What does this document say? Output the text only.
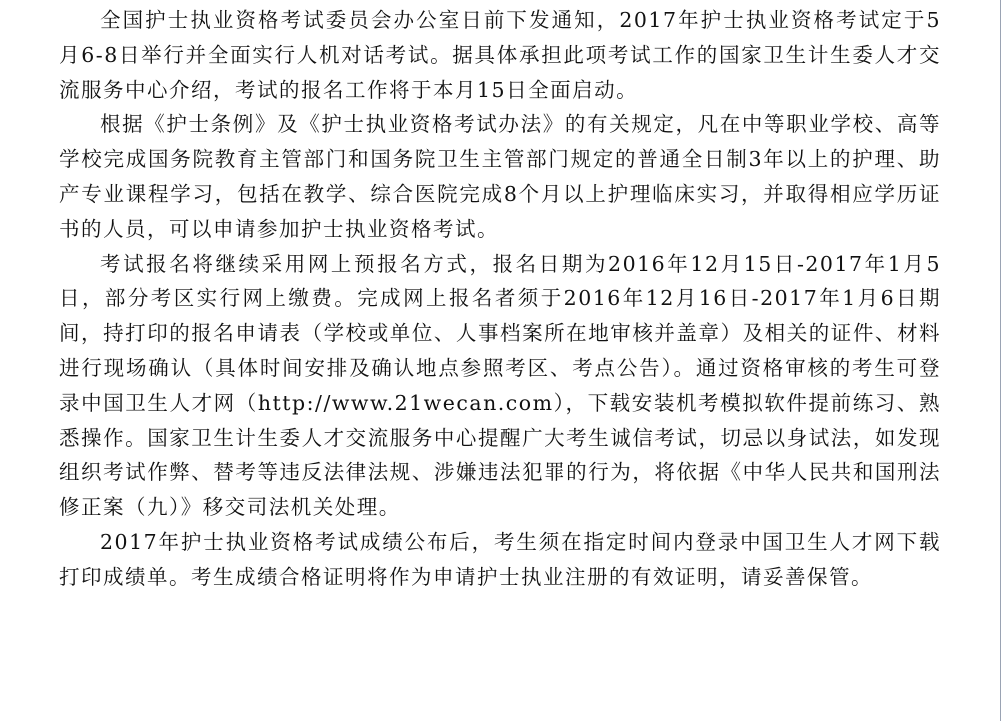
全国护士执业资格考试委员会办公室日前下发通知，2017年护士执业资格考试定于5月6-8日举行并全面实行人机对话考试。据具体承担此项考试工作的国家卫生计生委人才交流服务中心介绍，考试的报名工作将于本月15日全面启动。

根据《护士条例》及《护士执业资格考试办法》的有关规定，凡在中等职业学校、高等学校完成国务院教育主管部门和国务院卫生主管部门规定的普通全日制3年以上的护理、助产专业课程学习，包括在教学、综合医院完成8个月以上护理临床实习，并取得相应学历证书的人员，可以申请参加护士执业资格考试。

考试报名将继续采用网上预报名方式，报名日期为2016年12月15日-2017年1月5日，部分考区实行网上缴费。完成网上报名者须于2016年12月16日-2017年1月6日期间，持打印的报名申请表（学校或单位、人事档案所在地审核并盖章）及相关的证件、材料进行现场确认（具体时间安排及确认地点参照考区、考点公告）。通过资格审核的考生可登录中国卫生人才网（http://www.21wecan.com），下载安装机考模拟软件提前练习、熟悉操作。国家卫生计生委人才交流服务中心提醒广大考生诚信考试，切忌以身试法，如发现组织考试作弊、替考等违反法律法规、涉嫌违法犯罪的行为，将依据《中华人民共和国刑法修正案（九）》移交司法机关处理。

2017年护士执业资格考试成绩公布后，考生须在指定时间内登录中国卫生人才网下载打印成绩单。考生成绩合格证明将作为申请护士执业注册的有效证明，请妥善保管。
